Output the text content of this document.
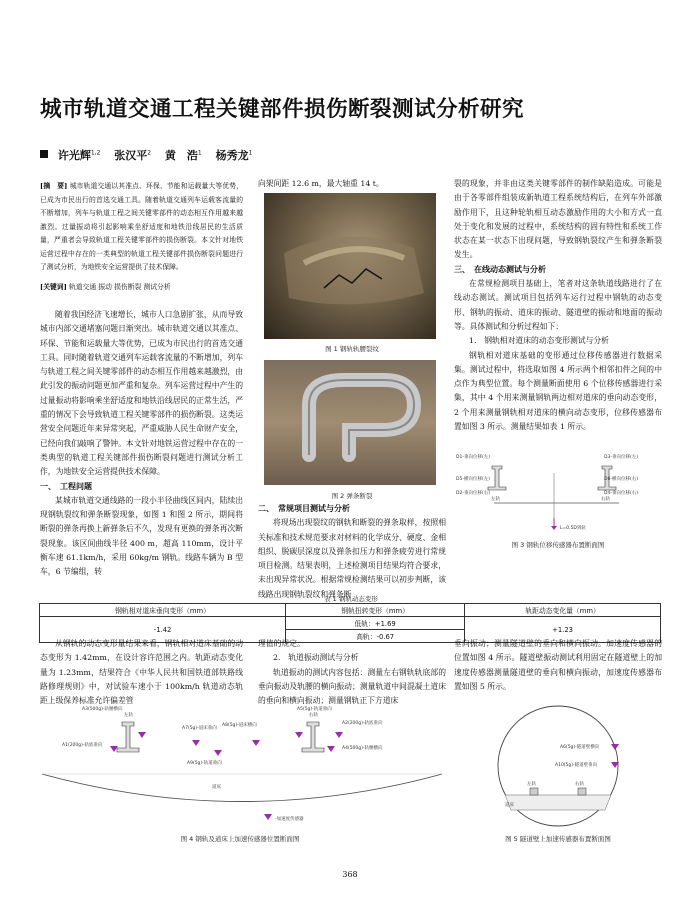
城市轨道交通工程关键部件损伤断裂测试分析研究
许光辉$^{1,2}$ 张汉平$^2$ 黄　浩$^1$ 杨秀龙$^1$

[摘　要] 城市轨道交通以其准点、环保、节能和运载量大等优势，已成为市民出行的首选交通工具。随着轨道交通列车运载客流量的不断增加，列车与轨道工程之间关键零部件的动态相互作用越来越激烈。过量振动将引起影响乘坐舒适度和地铁沿线居民的生活质量，严重者会导致轨道工程关键零部件的损伤断裂。本文针对地铁运营过程中存在的一类典型的轨道工程关键部件损伤断裂问题进行了测试分析，为地铁安全运营提供了技术保障。

[关键词] 轨道交通 振动 损伤断裂 测试分析

随着我国经济飞速增长，城市人口急剧扩张，从而导致城市内部交通堵塞问题日渐突出。城市轨道交通以其准点、环保、节能和运载量大等优势，已成为市民出行的首选交通工具。同时随着轨道交通列车运载客流量的不断增加，列车与轨道工程之间关键零部件的动态相互作用越来越激烈，由此引发的振动问题更加严重和复杂。列车运营过程中产生的过量振动将影响乘坐舒适度和地铁沿线居民的正常生活，严重的情况下会导致轨道工程关键零部件的损伤断裂。这类运营安全问题近年来异常突起，严重威胁人民生命财产安全，已经向我们敲响了警钟。本文针对地铁运营过程中存在的一类典型的轨道工程关键部件损伤断裂问题进行测试分析工作，为地铁安全运营提供技术保障。

一、　工程问题

某城市轨道交通线路的一段小半径曲线区间内，陆续出现钢轨裂纹和弹条断裂现象，如图 1 和图 2 所示，期间将断裂的弹条再换上新弹条后不久，发现有更换的弹条再次断裂现象。该区间曲线半径 400 m，超高 110mm，设计平衡车速 61.1km/h，采用 60kg/m 钢轨。线路车辆为 B 型车，6 节编组，转

向架间距 12.6 m，最大轴重 14 t。

图 1 钢轨轨腰裂纹
图 2 弹条断裂

二、　常规项目测试与分析

将现场出现裂纹的钢轨和断裂的弹条取样，按照相关标准和技术规范要求对材料的化学成分、硬度、金相组织、脱碳层深度以及弹条扣压力和弹条疲劳进行常规项目检测。结果表明，上述检测项目结果均符合要求，未出现异常状况。根据常规检测结果可以初步判断，该线路出现钢轨裂纹和弹条断

裂的现象，并非由这类关键零部件的制作缺陷造成。可能是由于各零部件组装成新轨道工程系统结构后，在列车外部激励作用下，且这种轮轨相互动态激励作用的大小和方式一直处于变化和发展的过程中，系统结构的固有特性和系统工作状态在某一状态下出现问题，导致钢轨裂纹产生和弹条断裂发生。

三、　在线动态测试与分析

在常规检测项目基础上，笔者对这条轨道线路进行了在线动态测试。测试项目包括列车运行过程中钢轨的动态变形、钢轨的振动、道床的振动、隧道壁的振动和地面的振动等。具体测试和分析过程如下：

1.　钢轨相对道床的动态变形测试与分析

钢轨相对道床基础的变形通过位移传感器进行数据采集。测试过程中，将选取如图 4 所示两个相邻扣件之间的中点作为典型位置。每个测量断面使用 6 个位移传感器进行采集，其中 4 个用来测量钢轨两边相对道床的垂向动态变形，2 个用来测量钢轨相对道床的横向动态变形，位移传感器布置如图 3 所示。测量结果如表 1 所示。

D1-垂向位移(左)
D5-横向位移(左)
D2-垂向位移(右)
D3-垂向位移(左)
D6-横向位移(右)
D4-垂向位移(右)
左轨	右轨
L=0.5D到轨
图 3 钢轨位移传感器布置断面图
表 1 钢轨动态变形
钢轨相对道床垂向变形（mm）	钢轨扭转变形（mm）	轨距动态变化量（mm）
-1.42	低轨：+1.69	+1.23
	高轨：-0.67	

从钢轨的动态变形量结果来看，钢轨相对道床基础的动态变形为 1.42mm，在设计容许范围之内。轨距动态变化量为 1.23mm，结果符合《中华人民共和国铁道部铁路线路修理规则》中，对试验车速小于 100km/h 轨道动态轨距上级保养标准允许偏差管

理值的规定。

2.　轨道振动测试与分析

轨道振动的测试内容包括：测量左右钢轨轨底部的垂向振动及轨腰的横向振动；测量轨道中间混凝土道床的垂向和横向振动；测量钢轨正下方道床

垂向振动；测量隧道壁的垂向和横向振动。加速度传感器的位置如图 4 所示。隧道壁振动测试利用固定在隧道壁上的加速度传感器测量隧道壁的垂向和横向振动，加速度传感器布置如图 5 所示。

A3(500g)-轨腰横向
A1(200g)-轨底垂向
A7(5g)-道床垂向
A8(5g)-道床横向
A9(5g)-轨道垂向
A2(200g)-轨底垂向
A4(500g)-轨腰横向
A5(5g)-轨道垂向
左轨	右轨
道床
-加速度传感器
图 4 钢轨及道床上加速传感器位置断面图
A6(5g)-隧道壁横向
A10(5g)-隧道壁垂向
左轨	右轨
道床
图 5 隧道壁上加速传感器布置断面图
368
